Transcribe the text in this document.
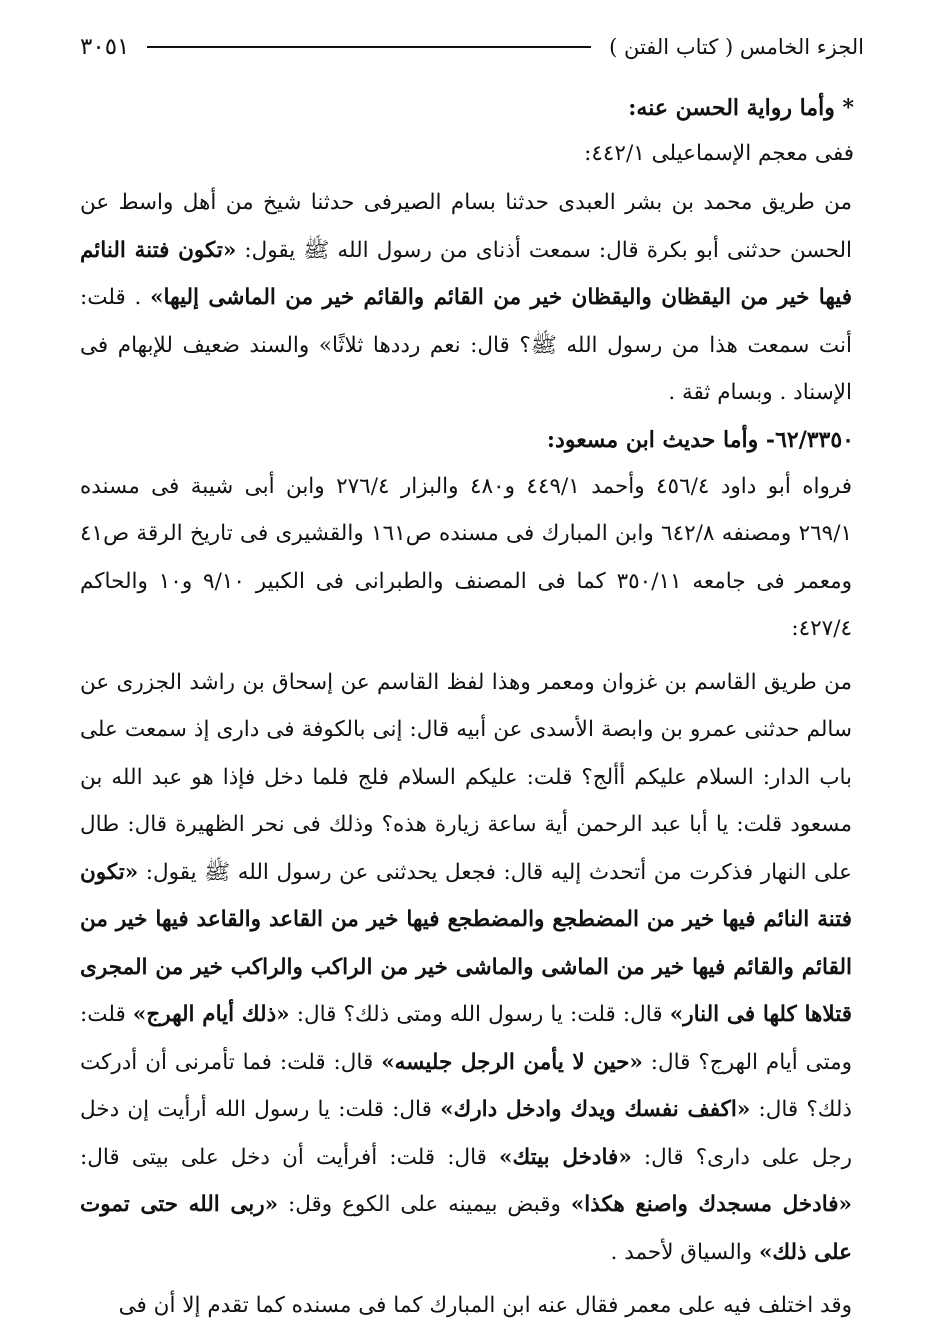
الجزء الخامس ( كتاب الفتن )
٣٠٥١

* وأما رواية الحسن عنه:

ففى معجم الإسماعيلى ٤٤٢/١:

من طريق محمد بن بشر العبدى حدثنا بسام الصيرفى حدثنا شيخ من أهل واسط عن الحسن حدثنى أبو بكرة قال: سمعت أذناى من رسول الله ﷺ يقول: «تكون فتنة النائم فيها خير من اليقظان واليقظان خير من القائم والقائم خير من الماشى إليها» . قلت: أنت سمعت هذا من رسول الله ﷺ؟ قال: نعم رددها ثلاثًا» والسند ضعيف للإبهام فى الإسناد . وبسام ثقة .

٦٢/٣٣٥٠- وأما حديث ابن مسعود:

فرواه أبو داود ٤٥٦/٤ وأحمد ٤٤٩/١ و٤٨٠ والبزار ٢٧٦/٤ وابن أبى شيبة فى مسنده ٢٦٩/١ ومصنفه ٦٤٢/٨ وابن المبارك فى مسنده ص١٦١ والقشيرى فى تاريخ الرقة ص٤١ ومعمر فى جامعه ٣٥٠/١١ كما فى المصنف والطبرانى فى الكبير ٩/١٠ و١٠ والحاكم ٤٢٧/٤:

من طريق القاسم بن غزوان ومعمر وهذا لفظ القاسم عن إسحاق بن راشد الجزرى عن سالم حدثنى عمرو بن وابصة الأسدى عن أبيه قال: إنى بالكوفة فى دارى إذ سمعت على باب الدار: السلام عليكم أألج؟ قلت: عليكم السلام فلج فلما دخل فإذا هو عبد الله بن مسعود قلت: يا أبا عبد الرحمن أية ساعة زيارة هذه؟ وذلك فى نحر الظهيرة قال: طال على النهار فذكرت من أتحدث إليه قال: فجعل يحدثنى عن رسول الله ﷺ يقول: «تكون فتنة النائم فيها خير من المضطجع والمضطجع فيها خير من القاعد والقاعد فيها خير من القائم والقائم فيها خير من الماشى والماشى خير من الراكب والراكب خير من المجرى قتلاها كلها فى النار» قال: قلت: يا رسول الله ومتى ذلك؟ قال: «ذلك أيام الهرج» قلت: ومتى أيام الهرج؟ قال: «حين لا يأمن الرجل جليسه» قال: قلت: فما تأمرنى أن أدركت ذلك؟ قال: «اكفف نفسك ويدك وادخل دارك» قال: قلت: يا رسول الله أرأيت إن دخل رجل على دارى؟ قال: «فادخل بيتك» قال: قلت: أفرأيت أن دخل على بيتى قال: «فادخل مسجدك واصنع هكذا» وقبض بيمينه على الكوع وقل: «ربى الله حتى تموت على ذلك» والسياق لأحمد .

وقد اختلف فيه على معمر فقال عنه ابن المبارك كما فى مسنده كما تقدم إلا أن فى
